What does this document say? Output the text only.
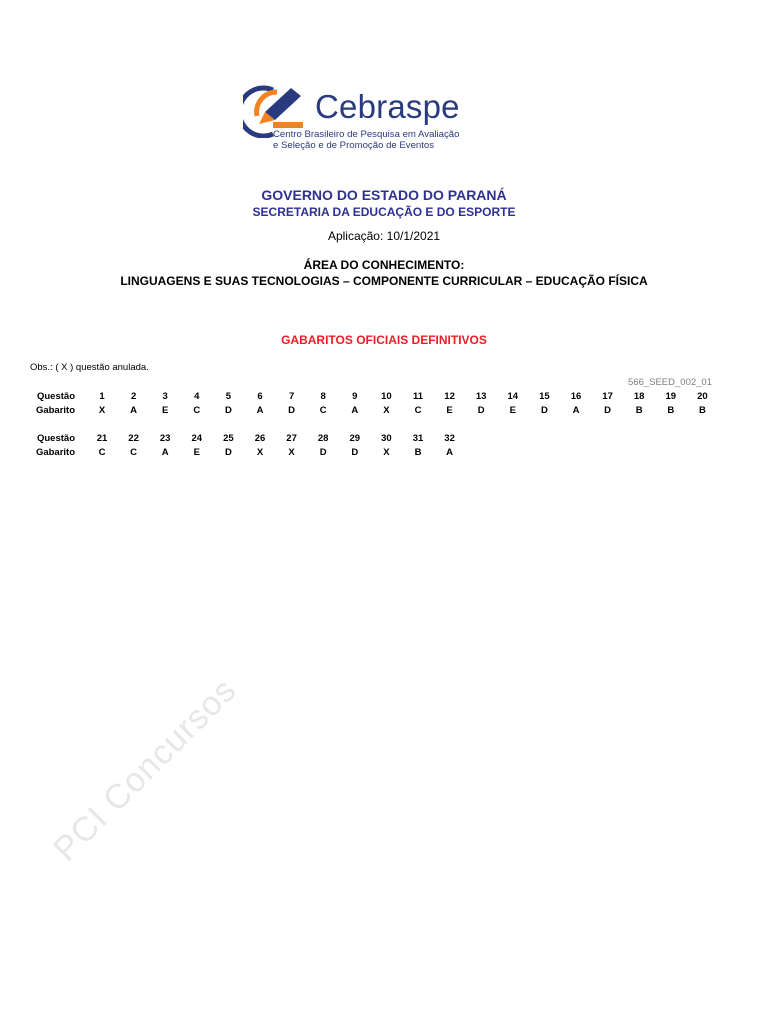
Cebraspe
Centro Brasileiro de Pesquisa em Avaliação
e Seleção e de Promoção de Eventos
GOVERNO DO ESTADO DO PARANÁ
SECRETARIA DA EDUCAÇÃO E DO ESPORTE
Aplicação: 10/1/2021
ÁREA DO CONHECIMENTO:
LINGUAGENS E SUAS TECNOLOGIAS – COMPONENTE CURRICULAR – EDUCAÇÃO FÍSICA
GABARITOS OFICIAIS DEFINITIVOS
Obs.: ( X ) questão anulada.
566_SEED_002_01
Questão	1	2	3	4	5	6	7	8	9	10	11	12	13	14	15	16	17	18	19	20
Gabarito	X	A	E	C	D	A	D	C	A	X	C	E	D	E	D	A	D	B	B	B
Questão	21	22	23	24	25	26	27	28	29	30	31	32
Gabarito	C	C	A	E	D	X	X	D	D	X	B	A
PCI Concursos
